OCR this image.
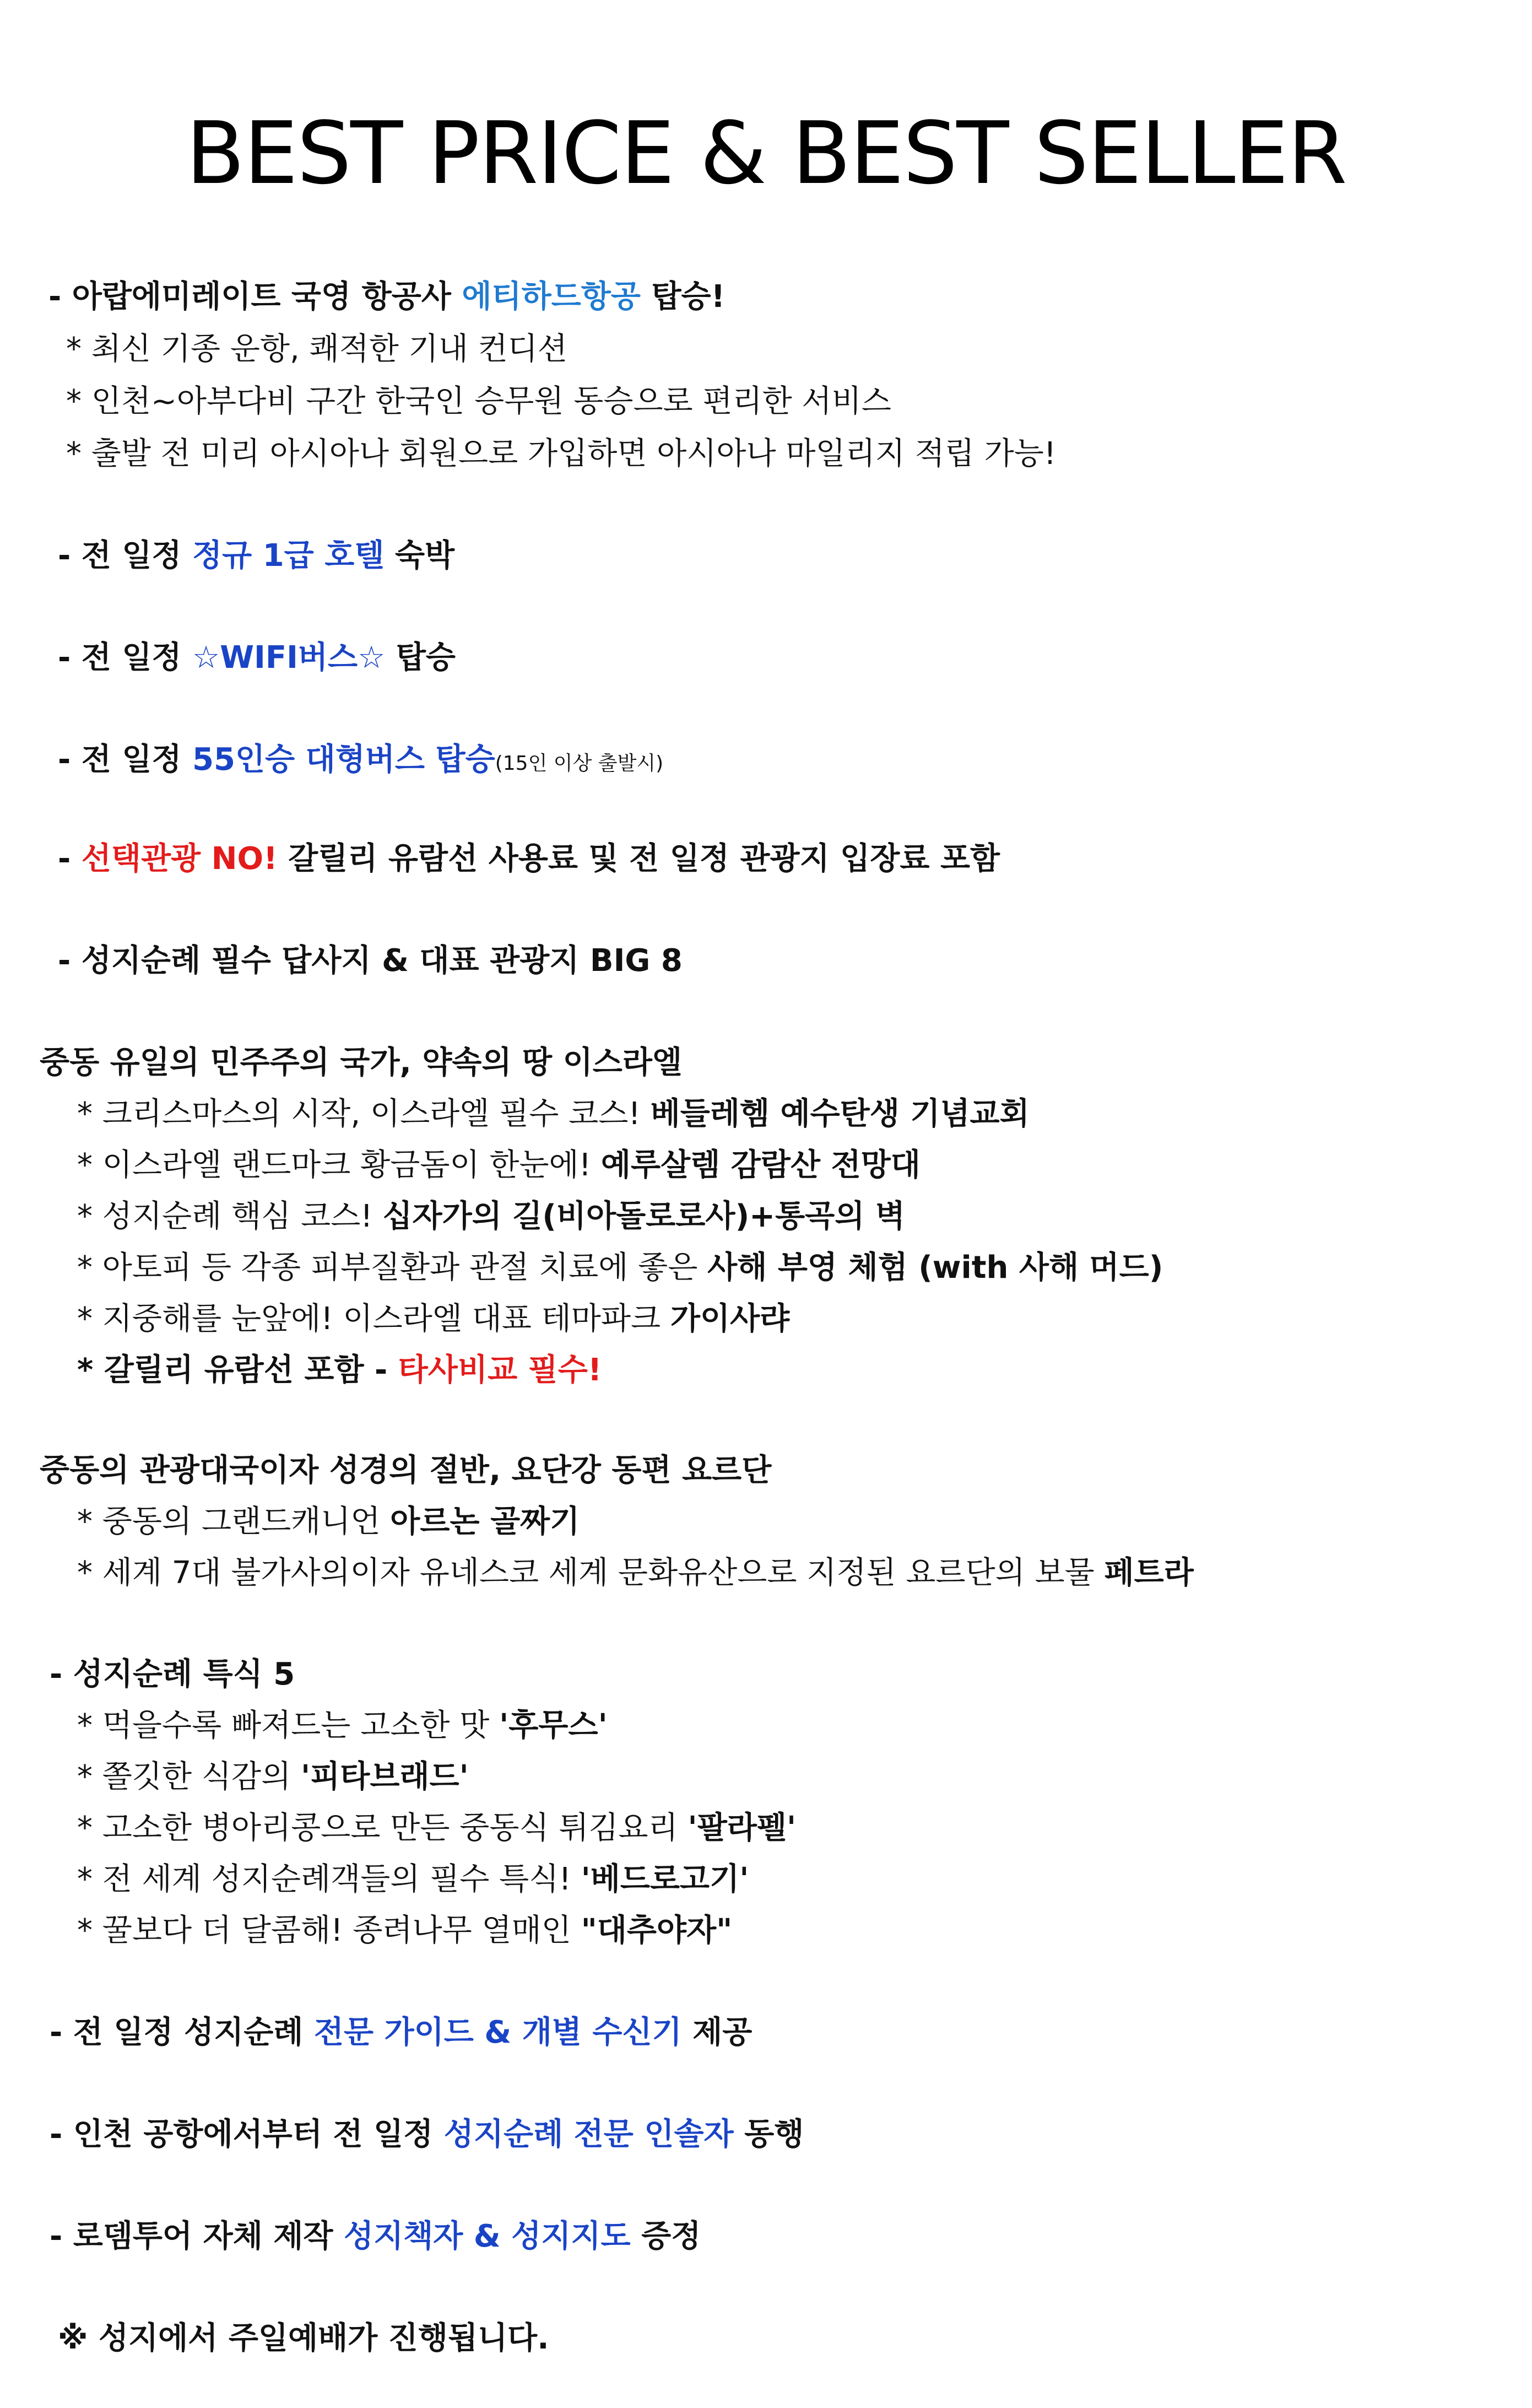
BEST PRICE & BEST SELLER
- 아랍에미레이트 국영 항공사 에티하드항공 탑승!
* 최신 기종 운항, 쾌적한 기내 컨디션
* 인천~아부다비 구간 한국인 승무원 동승으로 편리한 서비스
* 출발 전 미리 아시아나 회원으로 가입하면 아시아나 마일리지 적립 가능!
- 전 일정 정규 1급 호텔 숙박
- 전 일정 ☆WIFI버스☆ 탑승
- 전 일정 55인승 대형버스 탑승(15인 이상 출발시)
- 선택관광 NO! 갈릴리 유람선 사용료 및 전 일정 관광지 입장료 포함
- 성지순례 필수 답사지 & 대표 관광지 BIG 8
중동 유일의 민주주의 국가, 약속의 땅 이스라엘
* 크리스마스의 시작, 이스라엘 필수 코스! 베들레헴 예수탄생 기념교회
* 이스라엘 랜드마크 황금돔이 한눈에! 예루살렘 감람산 전망대
* 성지순례 핵심 코스! 십자가의 길(비아돌로로사)+통곡의 벽
* 아토피 등 각종 피부질환과 관절 치료에 좋은 사해 부영 체험 (with 사해 머드)
* 지중해를 눈앞에! 이스라엘 대표 테마파크 가이사랴
* 갈릴리 유람선 포함 - 타사비교 필수!
중동의 관광대국이자 성경의 절반, 요단강 동편 요르단
* 중동의 그랜드캐니언 아르논 골짜기
* 세계 7대 불가사의이자 유네스코 세계 문화유산으로 지정된 요르단의 보물 페트라
- 성지순례 특식 5
* 먹을수록 빠져드는 고소한 맛 '후무스'
* 쫄깃한 식감의 '피타브래드'
* 고소한 병아리콩으로 만든 중동식 튀김요리 '팔라펠'
* 전 세계 성지순례객들의 필수 특식! '베드로고기'
* 꿀보다 더 달콤해! 종려나무 열매인 "대추야자"
- 전 일정 성지순례 전문 가이드 & 개별 수신기 제공
- 인천 공항에서부터 전 일정 성지순례 전문 인솔자 동행
- 로뎀투어 자체 제작 성지책자 & 성지지도 증정
※ 성지에서 주일예배가 진행됩니다.
